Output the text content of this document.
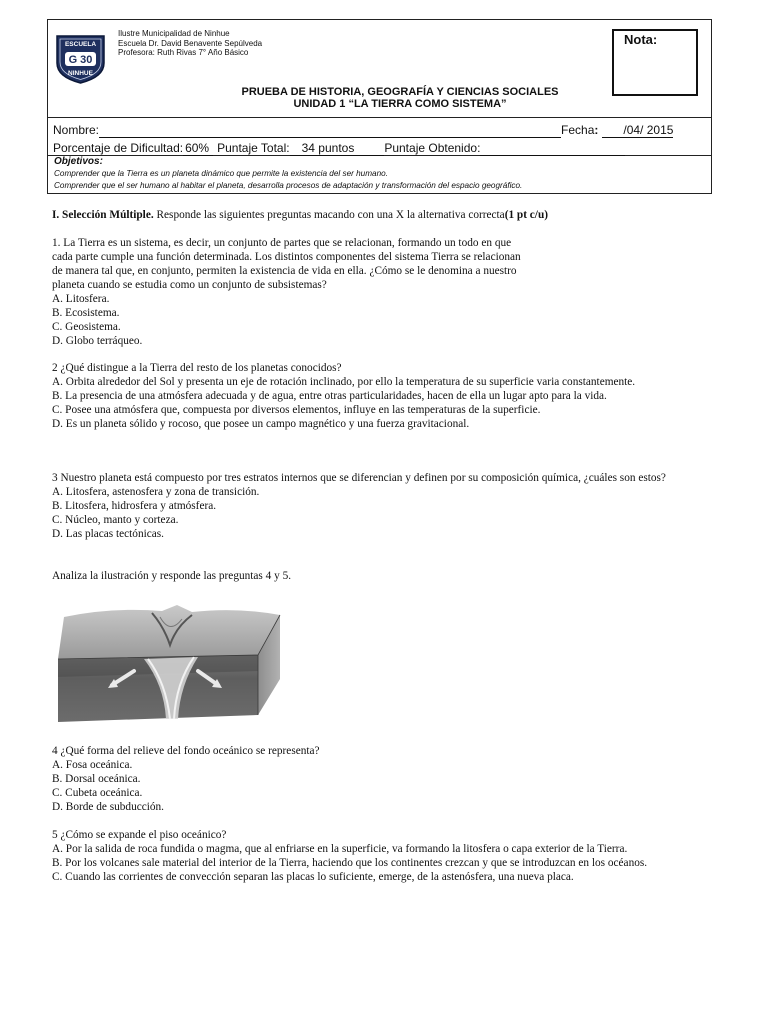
ESCUELA
G 30
NINHUE
Ilustre Municipalidad de Ninhue
Escuela Dr. David Benavente Sepúlveda
Profesora: Ruth Rivas 7° Año Básico
PRUEBA DE HISTORIA, GEOGRAFÍA Y CIENCIAS SOCIALES
UNIDAD 1 “LA TIERRA COMO SISTEMA”
Nota:
Nombre:	Fecha: /04/ 2015
Porcentaje de Dificultad: 60% Puntaje Total: 34 puntos	Puntaje Obtenido:
Objetivos:
Comprender que la Tierra es un planeta dinámico que permite la existencia del ser humano.
Comprender que el ser humano al habitar el planeta, desarrolla procesos de adaptación y transformación del espacio geográfico.
I. Selección Múltiple. Responde las siguientes preguntas macando con una X la alternativa correcta(1 pt c/u)

1. La Tierra es un sistema, es decir, un conjunto de partes que se relacionan, formando un todo en que

cada parte cumple una función determinada. Los distintos componentes del sistema Tierra se relacionan

de manera tal que, en conjunto, permiten la existencia de vida en ella. ¿Cómo se le denomina a nuestro

planeta cuando se estudia como un conjunto de subsistemas?

A. Litosfera.

B. Ecosistema.

C. Geosistema.

D. Globo terráqueo.

2 ¿Qué distingue a la Tierra del resto de los planetas conocidos?

A. Orbita alrededor del Sol y presenta un eje de rotación inclinado, por ello la temperatura de su superficie varia constantemente.

B. La presencia de una atmósfera adecuada y de agua, entre otras particularidades, hacen de ella un lugar apto para la vida.

C. Posee una atmósfera que, compuesta por diversos elementos, influye en las temperaturas de la superficie.

D. Es un planeta sólido y rocoso, que posee un campo magnético y una fuerza gravitacional.

3 Nuestro planeta está compuesto por tres estratos internos que se diferencian y definen por su composición química, ¿cuáles son estos?

A. Litosfera, astenosfera y zona de transición.

B. Litosfera, hidrosfera y atmósfera.

C. Núcleo, manto y corteza.

D. Las placas tectónicas.

Analiza la ilustración y responde las preguntas 4 y 5.

4 ¿Qué forma del relieve del fondo oceánico se representa?

A. Fosa oceánica.

B. Dorsal oceánica.

C. Cubeta oceánica.

D. Borde de subducción.

5 ¿Cómo se expande el piso oceánico?

A. Por la salida de roca fundida o magma, que al enfriarse en la superficie, va formando la litosfera o capa exterior de la Tierra.

B. Por los volcanes sale material del interior de la Tierra, haciendo que los continentes crezcan y que se introduzcan en los océanos.

C. Cuando las corrientes de convección separan las placas lo suficiente, emerge, de la astenósfera, una nueva placa.
